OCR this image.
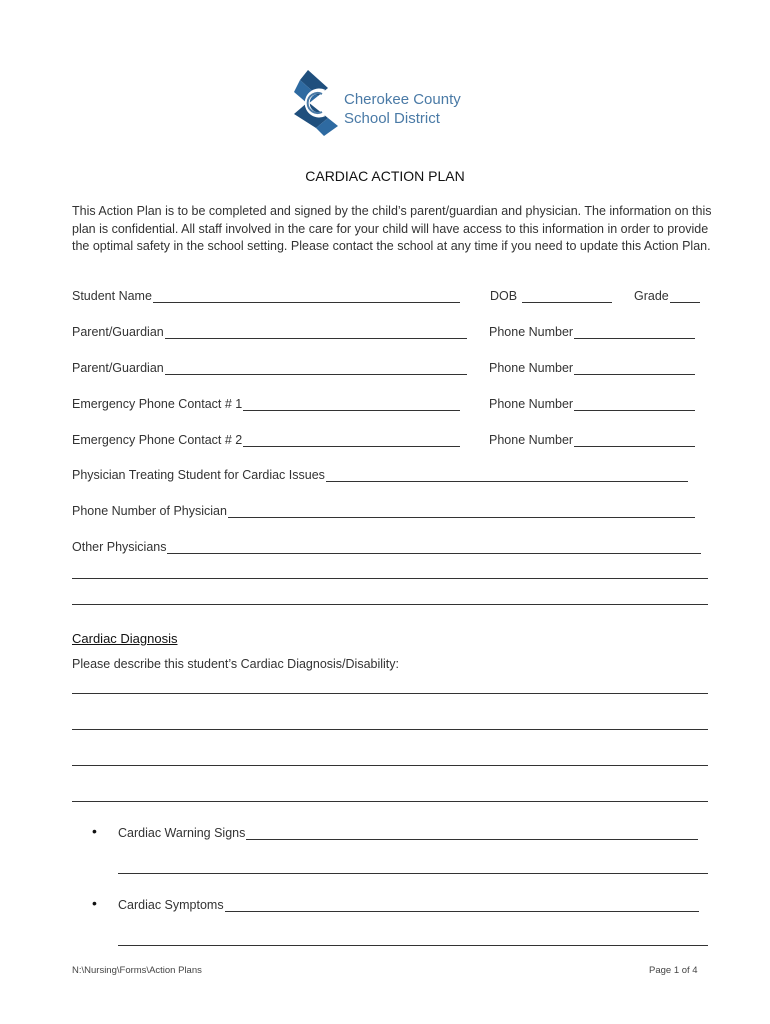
Cherokee County
School District
CARDIAC ACTION PLAN
This Action Plan is to be completed and signed by the child’s parent/guardian and physician. The information on this plan is confidential. All staff involved in the care for your child will have access to this information in order to provide the optimal safety in the school setting. Please contact the school at any time if you need to update this Action Plan.
Student Name	DOB	Grade
Parent/Guardian	Phone Number
Parent/Guardian	Phone Number
Emergency Phone Contact # 1	Phone Number
Emergency Phone Contact # 2	Phone Number
Physician Treating Student for Cardiac Issues
Phone Number of Physician
Other Physicians
Cardiac Diagnosis
Please describe this student’s Cardiac Diagnosis/Disability:
• Cardiac Warning Signs
• Cardiac Symptoms
N:\Nursing\Forms\Action Plans	Page 1 of 4
